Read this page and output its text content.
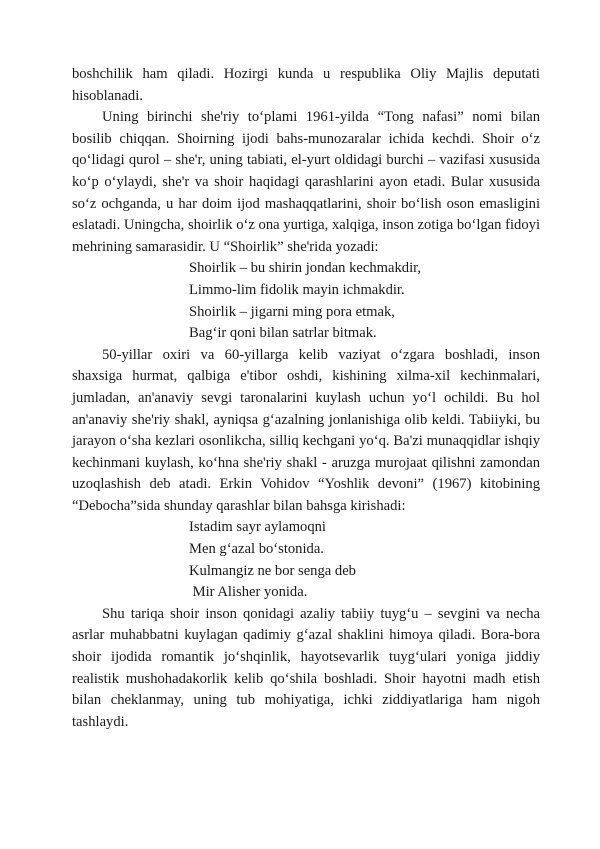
boshchilik ham qiladi. Hozirgi kunda u respublika Oliy Majlis deputati hisoblanadi.

Uning birinchi she'riy to‘plami 1961-yilda “Tong nafasi” nomi bilan bosilib chiqqan. Shoirning ijodi bahs-munozaralar ichida kechdi. Shoir o‘z qo‘lidagi qurol – she'r, uning tabiati, el-yurt oldidagi burchi – vazifasi xususida ko‘p o‘ylaydi, she'r va shoir haqidagi qarashlarini ayon etadi. Bular xususida so‘z ochganda, u har doim ijod mashaqqatlarini, shoir bo‘lish oson emasligini eslatadi. Uningcha, shoirlik o‘z ona yurtiga, xalqiga, inson zotiga bo‘lgan fidoyi mehrining samarasidir. U “Shoirlik” she'rida yozadi:

Shoirlik – bu shirin jondan kechmakdir,
Limmo-lim fidolik mayin ichmakdir.
Shoirlik – jigarni ming pora etmak,
Bag‘ir qoni bilan satrlar bitmak.

50-yillar oxiri va 60-yillarga kelib vaziyat o‘zgara boshladi, inson shaxsiga hurmat, qalbiga e'tibor oshdi, kishining xilma-xil kechinmalari, jumladan, an'anaviy sevgi taronalarini kuylash uchun yo‘l ochildi. Bu hol an'anaviy she'riy shakl, ayniqsa g‘azalning jonlanishiga olib keldi. Tabiiyki, bu jarayon o‘sha kezlari osonlikcha, silliq kechgani yo‘q. Ba'zi munaqqidlar ishqiy kechinmani kuylash, ko‘hna she'riy shakl - aruzga murojaat qilishni zamondan uzoqlashish deb atadi. Erkin Vohidov “Yoshlik devoni” (1967) kitobining “Debocha”sida shunday qarashlar bilan bahsga kirishadi:

Istadim sayr aylamoqni
Men g‘azal bo‘stonida.
Kulmangiz ne bor senga deb
Mir Alisher yonida.

Shu tariqa shoir inson qonidagi azaliy tabiiy tuyg‘u – sevgini va necha asrlar muhabbatni kuylagan qadimiy g‘azal shaklini himoya qiladi. Bora-bora shoir ijodida romantik jo‘shqinlik, hayotsevarlik tuyg‘ulari yoniga jiddiy realistik mushohadakorlik kelib qo‘shila boshladi. Shoir hayotni madh etish bilan cheklanmay, uning tub mohiyatiga, ichki ziddiyatlariga ham nigoh tashlaydi.
